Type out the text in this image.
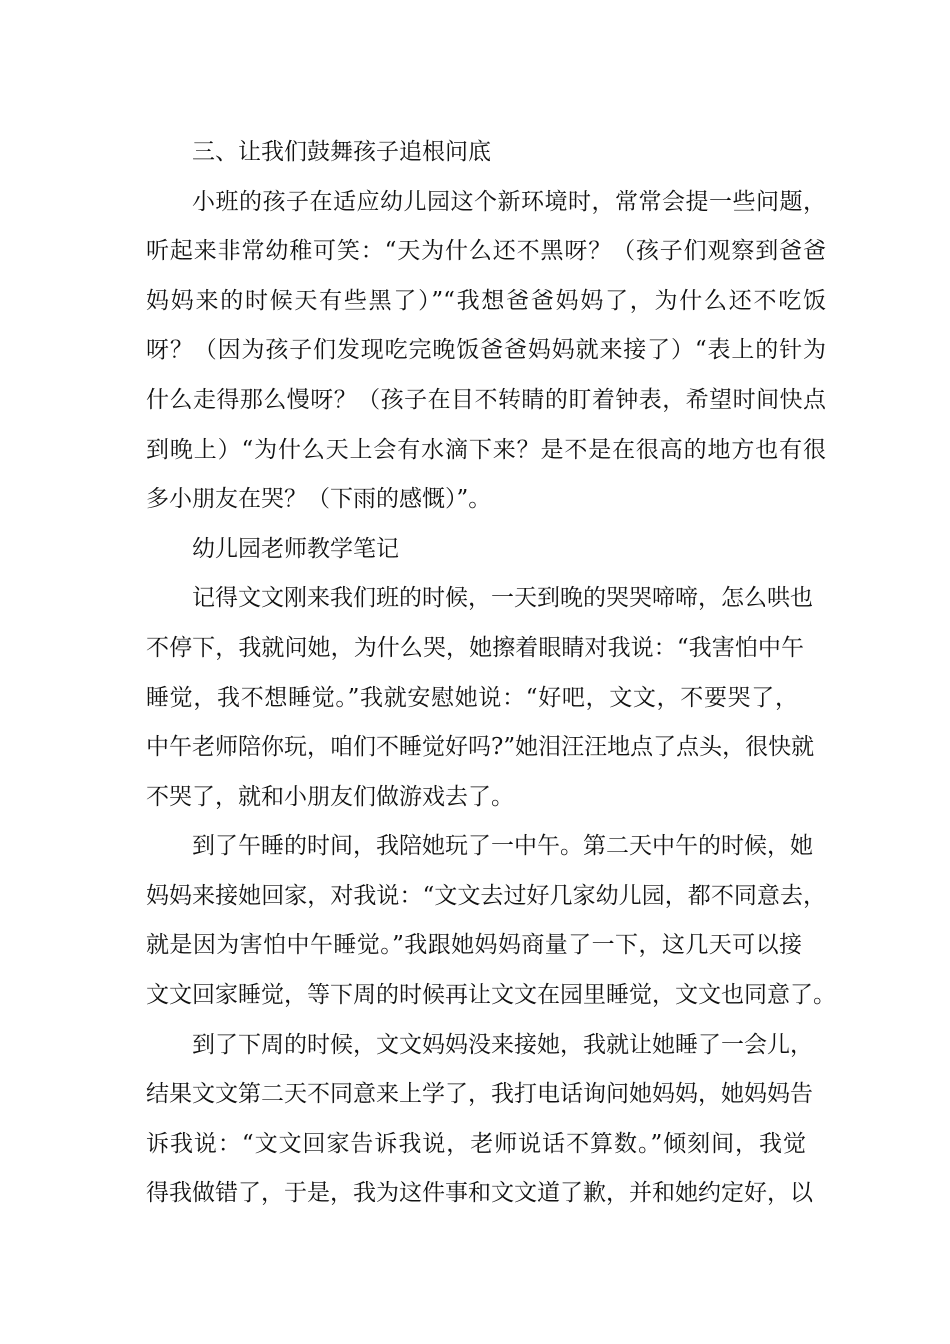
三、让我们鼓舞孩子追根问底
小班的孩子在适应幼儿园这个新环境时，常常会提一些问题，
听起来非常幼稚可笑：“天为什么还不黑呀？（孩子们观察到爸爸
妈妈来的时候天有些黑了）”“我想爸爸妈妈了，为什么还不吃饭
呀？（因为孩子们发现吃完晚饭爸爸妈妈就来接了）“表上的针为
什么走得那么慢呀？（孩子在目不转睛的盯着钟表，希望时间快点
到晚上）“为什么天上会有水滴下来？是不是在很高的地方也有很
多小朋友在哭？（下雨的感慨）”。
幼儿园老师教学笔记
记得文文刚来我们班的时候，一天到晚的哭哭啼啼，怎么哄也
不停下，我就问她，为什么哭，她擦着眼睛对我说：“我害怕中午
睡觉，我不想睡觉。”我就安慰她说：“好吧，文文，不要哭了，
中午老师陪你玩，咱们不睡觉好吗?”她泪汪汪地点了点头，很快就
不哭了，就和小朋友们做游戏去了。
到了午睡的时间，我陪她玩了一中午。第二天中午的时候，她
妈妈来接她回家，对我说：“文文去过好几家幼儿园，都不同意去，
就是因为害怕中午睡觉。”我跟她妈妈商量了一下，这几天可以接
文文回家睡觉，等下周的时候再让文文在园里睡觉，文文也同意了。
到了下周的时候，文文妈妈没来接她，我就让她睡了一会儿，
结果文文第二天不同意来上学了，我打电话询问她妈妈，她妈妈告
诉我说：“文文回家告诉我说，老师说话不算数。”倾刻间，我觉
得我做错了，于是，我为这件事和文文道了歉，并和她约定好，以
